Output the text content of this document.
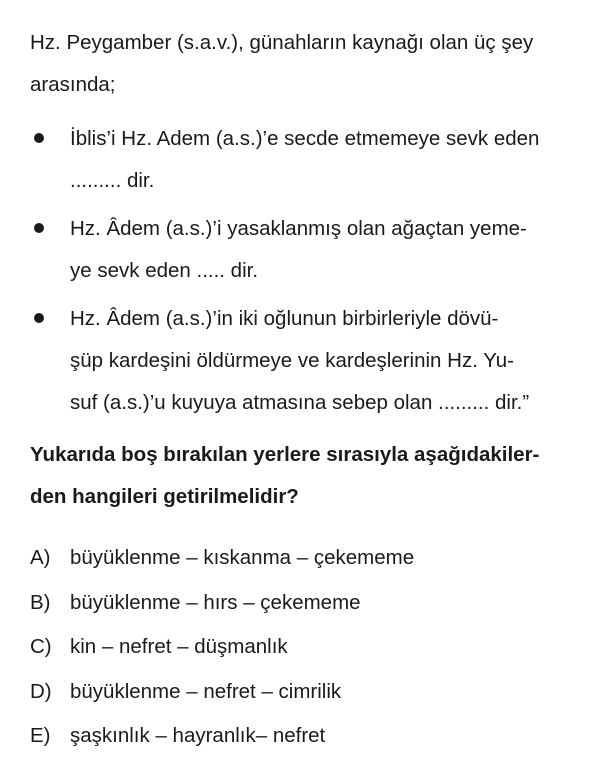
Hz. Peygamber (s.a.v.), günahların kaynağı olan üç şey
arasında;

İblis’i Hz. Adem (a.s.)’e secde etmemeye sevk eden
......... dir.
Hz. Âdem (a.s.)’i yasaklanmış olan ağaçtan yeme-
ye sevk eden ..... dir.
Hz. Âdem (a.s.)’in iki oğlunun birbirleriyle dövü-
şüp kardeşini öldürmeye ve kardeşlerinin Hz. Yu-
suf (a.s.)’u kuyuya atmasına sebep olan ......... dir.”

Yukarıda boş bırakılan yerlere sırasıyla aşağıdakiler-
den hangileri getirilmelidir?

A) büyüklenme – kıskanma – çekememe
B) büyüklenme – hırs – çekememe
C) kin – nefret – düşmanlık
D) büyüklenme – nefret – cimrilik
E) şaşkınlık – hayranlık– nefret
